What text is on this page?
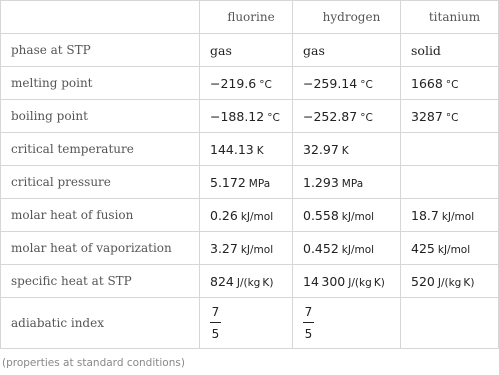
	fluorine	hydrogen	titanium
phase at STP	gas	gas	solid
melting point	−219.6 °C	−259.14 °C	1668 °C
boiling point	−188.12 °C	−252.87 °C	3287 °C
critical temperature	144.13 K	32.97 K	
critical pressure	5.172 MPa	1.293 MPa	
molar heat of fusion	0.26 kJ/mol	0.558 kJ/mol	18.7 kJ/mol
molar heat of vaporization	3.27 kJ/mol	0.452 kJ/mol	425 kJ/mol
specific heat at STP	824 J/(kg K)	14 300 J/(kg K)	520 J/(kg K)
adiabatic index	$\frac{7}{5}$	$\frac{7}{5}$

(properties at standard conditions)
